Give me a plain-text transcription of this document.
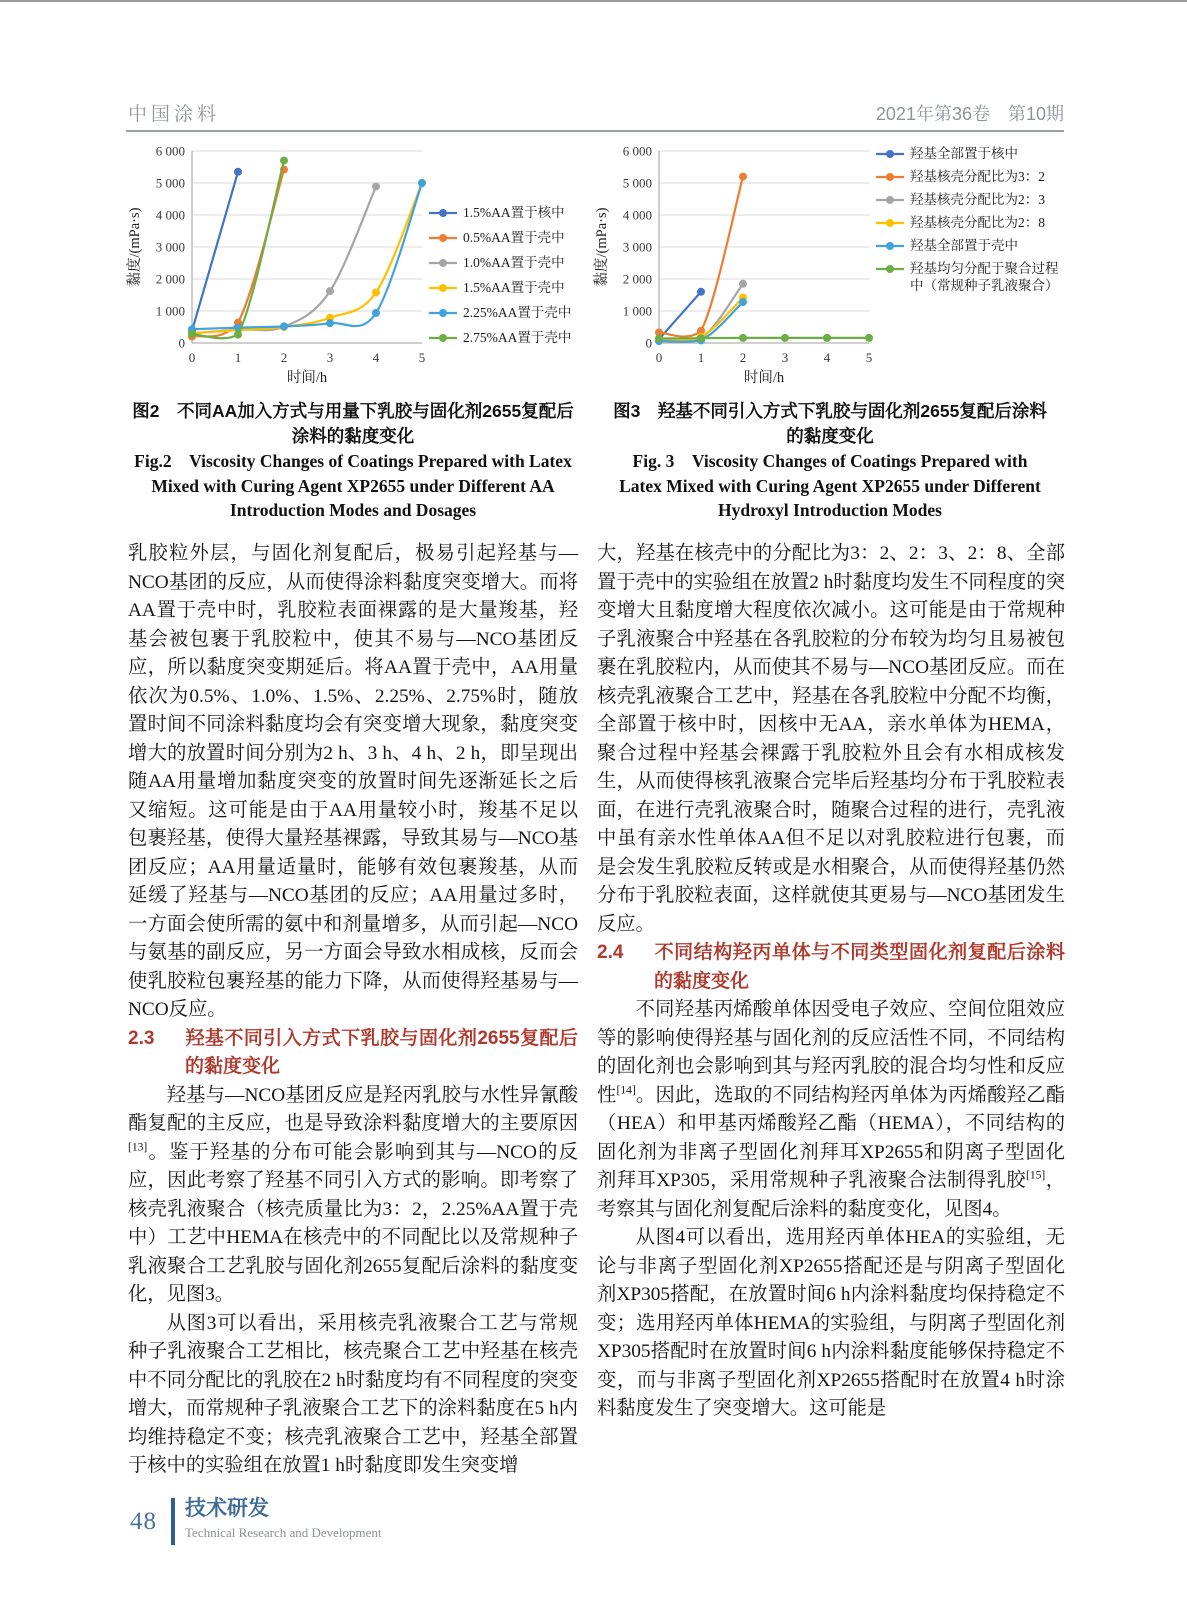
中国涂料	2021年第36卷　第10期
0
1 000
2 000
3 000
4 000
5 000
6 000
0	1	2	3	4	5
时间/h
黏度/(mPa·s)	1.5%AA置于核中
0.5%AA置于壳中
1.0%AA置于壳中
1.5%AA置于壳中
2.25%AA置于壳中
2.75%AA置于壳中	0
1 000
2 000
3 000
4 000
5 000
6 000
0	1	2	3	4	5
时间/h
黏度/(mPa·s)
羟基全部置于核中
羟基核壳分配比为3：2
羟基核壳分配比为2：3
羟基核壳分配比为2：8
羟基全部置于壳中
羟基均匀分配于聚合过程中（常规种子乳液聚合）
图2　不同AA加入方式与用量下乳胶与固化剂2655复配后
涂料的黏度变化
Fig.2　Viscosity Changes of Coatings Prepared with Latex
Mixed with Curing Agent XP2655 under Different AA
Introduction Modes and Dosages
图3　羟基不同引入方式下乳胶与固化剂2655复配后涂料
的黏度变化
Fig. 3　Viscosity Changes of Coatings Prepared with
Latex Mixed with Curing Agent XP2655 under Different
Hydroxyl Introduction Modes
乳胶粒外层，与固化剂复配后，极易引起羟基与—NCO基团的反应，从而使得涂料黏度突变增大。而将AA置于壳中时，乳胶粒表面裸露的是大量羧基，羟基会被包裹于乳胶粒中，使其不易与—NCO基团反应，所以黏度突变期延后。将AA置于壳中，AA用量依次为0.5%、1.0%、1.5%、2.25%、2.75%时，随放置时间不同涂料黏度均会有突变增大现象，黏度突变增大的放置时间分别为2 h、3 h、4 h、2 h，即呈现出随AA用量增加黏度突变的放置时间先逐渐延长之后又缩短。这可能是由于AA用量较小时，羧基不足以包裹羟基，使得大量羟基裸露，导致其易与—NCO基团反应；AA用量适量时，能够有效包裹羧基，从而延缓了羟基与—NCO基团的反应；AA用量过多时，一方面会使所需的氨中和剂量增多，从而引起—NCO与氨基的副反应，另一方面会导致水相成核，反而会使乳胶粒包裹羟基的能力下降，从而使得羟基易与—NCO反应。
2.3 羟基不同引入方式下乳胶与固化剂2655复配后的黏度变化
羟基与—NCO基团反应是羟丙乳胶与水性异氰酸酯复配的主反应，也是导致涂料黏度增大的主要原因[13]。鉴于羟基的分布可能会影响到其与—NCO的反应，因此考察了羟基不同引入方式的影响。即考察了核壳乳液聚合（核壳质量比为3：2，2.25%AA置于壳中）工艺中HEMA在核壳中的不同配比以及常规种子乳液聚合工艺乳胶与固化剂2655复配后涂料的黏度变化，见图3。
从图3可以看出，采用核壳乳液聚合工艺与常规种子乳液聚合工艺相比，核壳聚合工艺中羟基在核壳中不同分配比的乳胶在2 h时黏度均有不同程度的突变增大，而常规种子乳液聚合工艺下的涂料黏度在5 h内均维持稳定不变；核壳乳液聚合工艺中，羟基全部置于核中的实验组在放置1 h时黏度即发生突变增
大，羟基在核壳中的分配比为3：2、2：3、2：8、全部置于壳中的实验组在放置2 h时黏度均发生不同程度的突变增大且黏度增大程度依次减小。这可能是由于常规种子乳液聚合中羟基在各乳胶粒的分布较为均匀且易被包裹在乳胶粒内，从而使其不易与—NCO基团反应。而在核壳乳液聚合工艺中，羟基在各乳胶粒中分配不均衡，全部置于核中时，因核中无AA，亲水单体为HEMA，聚合过程中羟基会裸露于乳胶粒外且会有水相成核发生，从而使得核乳液聚合完毕后羟基均分布于乳胶粒表面，在进行壳乳液聚合时，随聚合过程的进行，壳乳液中虽有亲水性单体AA但不足以对乳胶粒进行包裹，而是会发生乳胶粒反转或是水相聚合，从而使得羟基仍然分布于乳胶粒表面，这样就使其更易与—NCO基团发生反应。
2.4 不同结构羟丙单体与不同类型固化剂复配后涂料的黏度变化
不同羟基丙烯酸单体因受电子效应、空间位阻效应等的影响使得羟基与固化剂的反应活性不同，不同结构的固化剂也会影响到其与羟丙乳胶的混合均匀性和反应性[14]。因此，选取的不同结构羟丙单体为丙烯酸羟乙酯（HEA）和甲基丙烯酸羟乙酯（HEMA），不同结构的固化剂为非离子型固化剂拜耳XP2655和阴离子型固化剂拜耳XP305，采用常规种子乳液聚合法制得乳胶[15]，考察其与固化剂复配后涂料的黏度变化，见图4。
从图4可以看出，选用羟丙单体HEA的实验组，无论与非离子型固化剂XP2655搭配还是与阴离子型固化剂XP305搭配，在放置时间6 h内涂料黏度均保持稳定不变；选用羟丙单体HEMA的实验组，与阴离子型固化剂XP305搭配时在放置时间6 h内涂料黏度能够保持稳定不变，而与非离子型固化剂XP2655搭配时在放置4 h时涂料黏度发生了突变增大。这可能是
48 技术研发
Technical Research and Development
